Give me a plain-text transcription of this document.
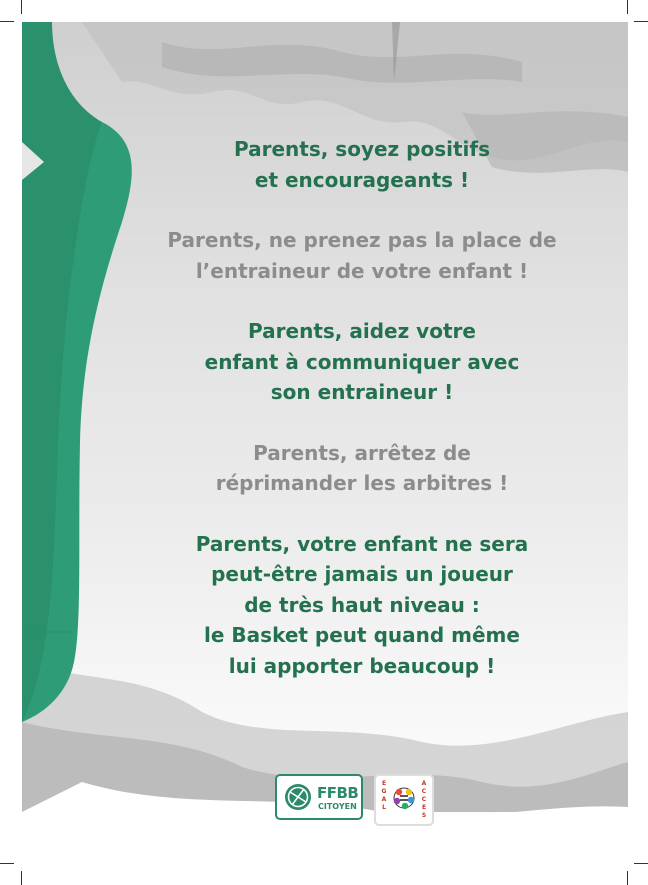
Parents, soyez positifs
et encourageants !

Parents, ne prenez pas la place de
l’entraineur de votre enfant !

Parents, aidez votre
enfant à communiquer avec
son entraineur !

Parents, arrêtez de
réprimander les arbitres !

Parents, votre enfant ne sera
peut-être jamais un joueur
de très haut niveau :
le Basket peut quand même
lui apporter beaucoup !

FFBB
CITOYEN
E
G
A
L
A
C
C
E
S
